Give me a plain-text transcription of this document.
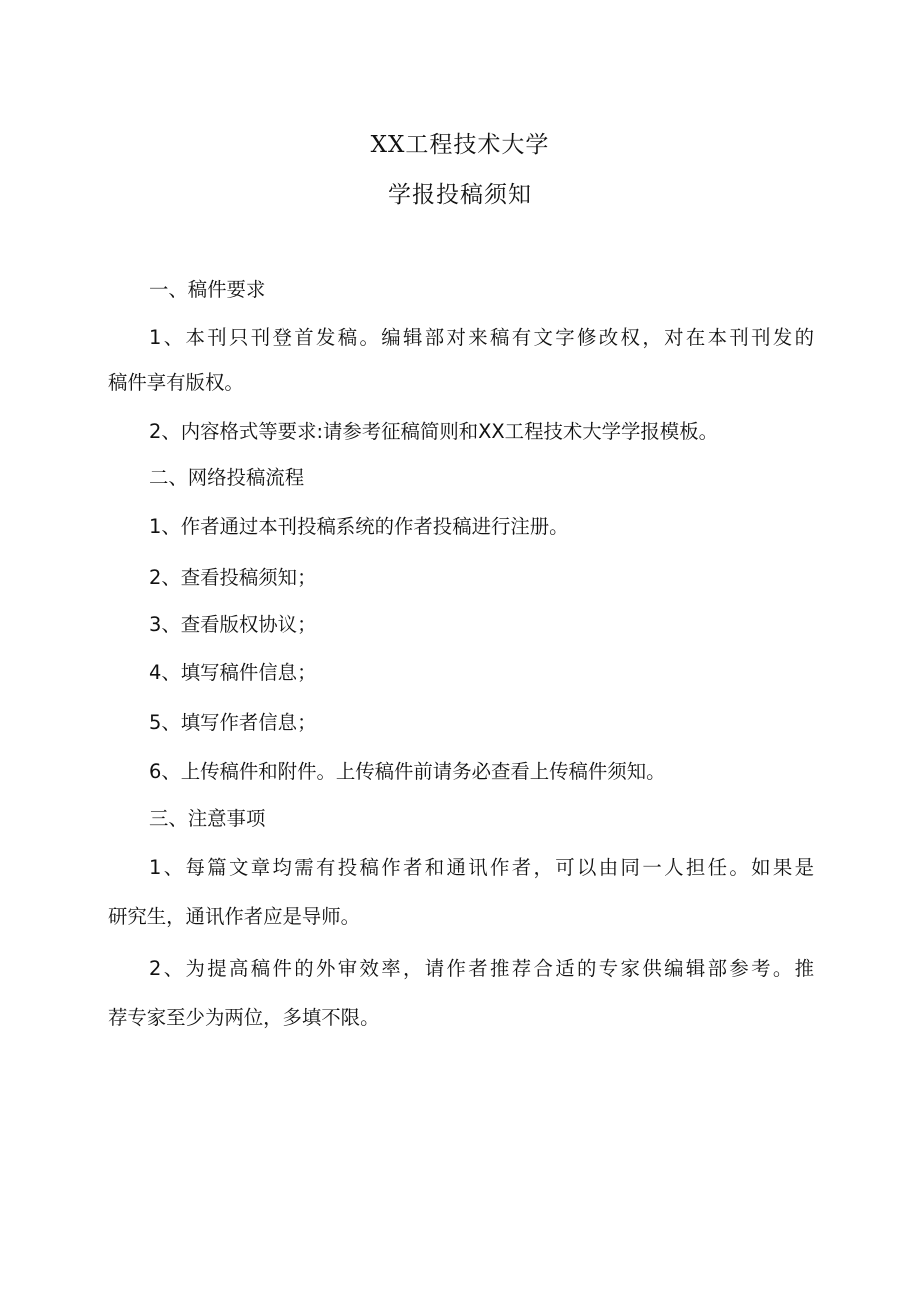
XX工程技术大学
学报投稿须知
一、稿件要求
1、本刊只刊登首发稿。编辑部对来稿有文字修改权，对在本刊刊发的
稿件享有版权。
2、内容格式等要求:请参考征稿简则和XX工程技术大学学报模板。
二、网络投稿流程
1、作者通过本刊投稿系统的作者投稿进行注册。
2、查看投稿须知；
3、查看版权协议；
4、填写稿件信息；
5、填写作者信息；
6、上传稿件和附件。上传稿件前请务必查看上传稿件须知。
三、注意事项
1、每篇文章均需有投稿作者和通讯作者，可以由同一人担任。如果是
研究生，通讯作者应是导师。
2、为提高稿件的外审效率，请作者推荐合适的专家供编辑部参考。推
荐专家至少为两位，多填不限。
